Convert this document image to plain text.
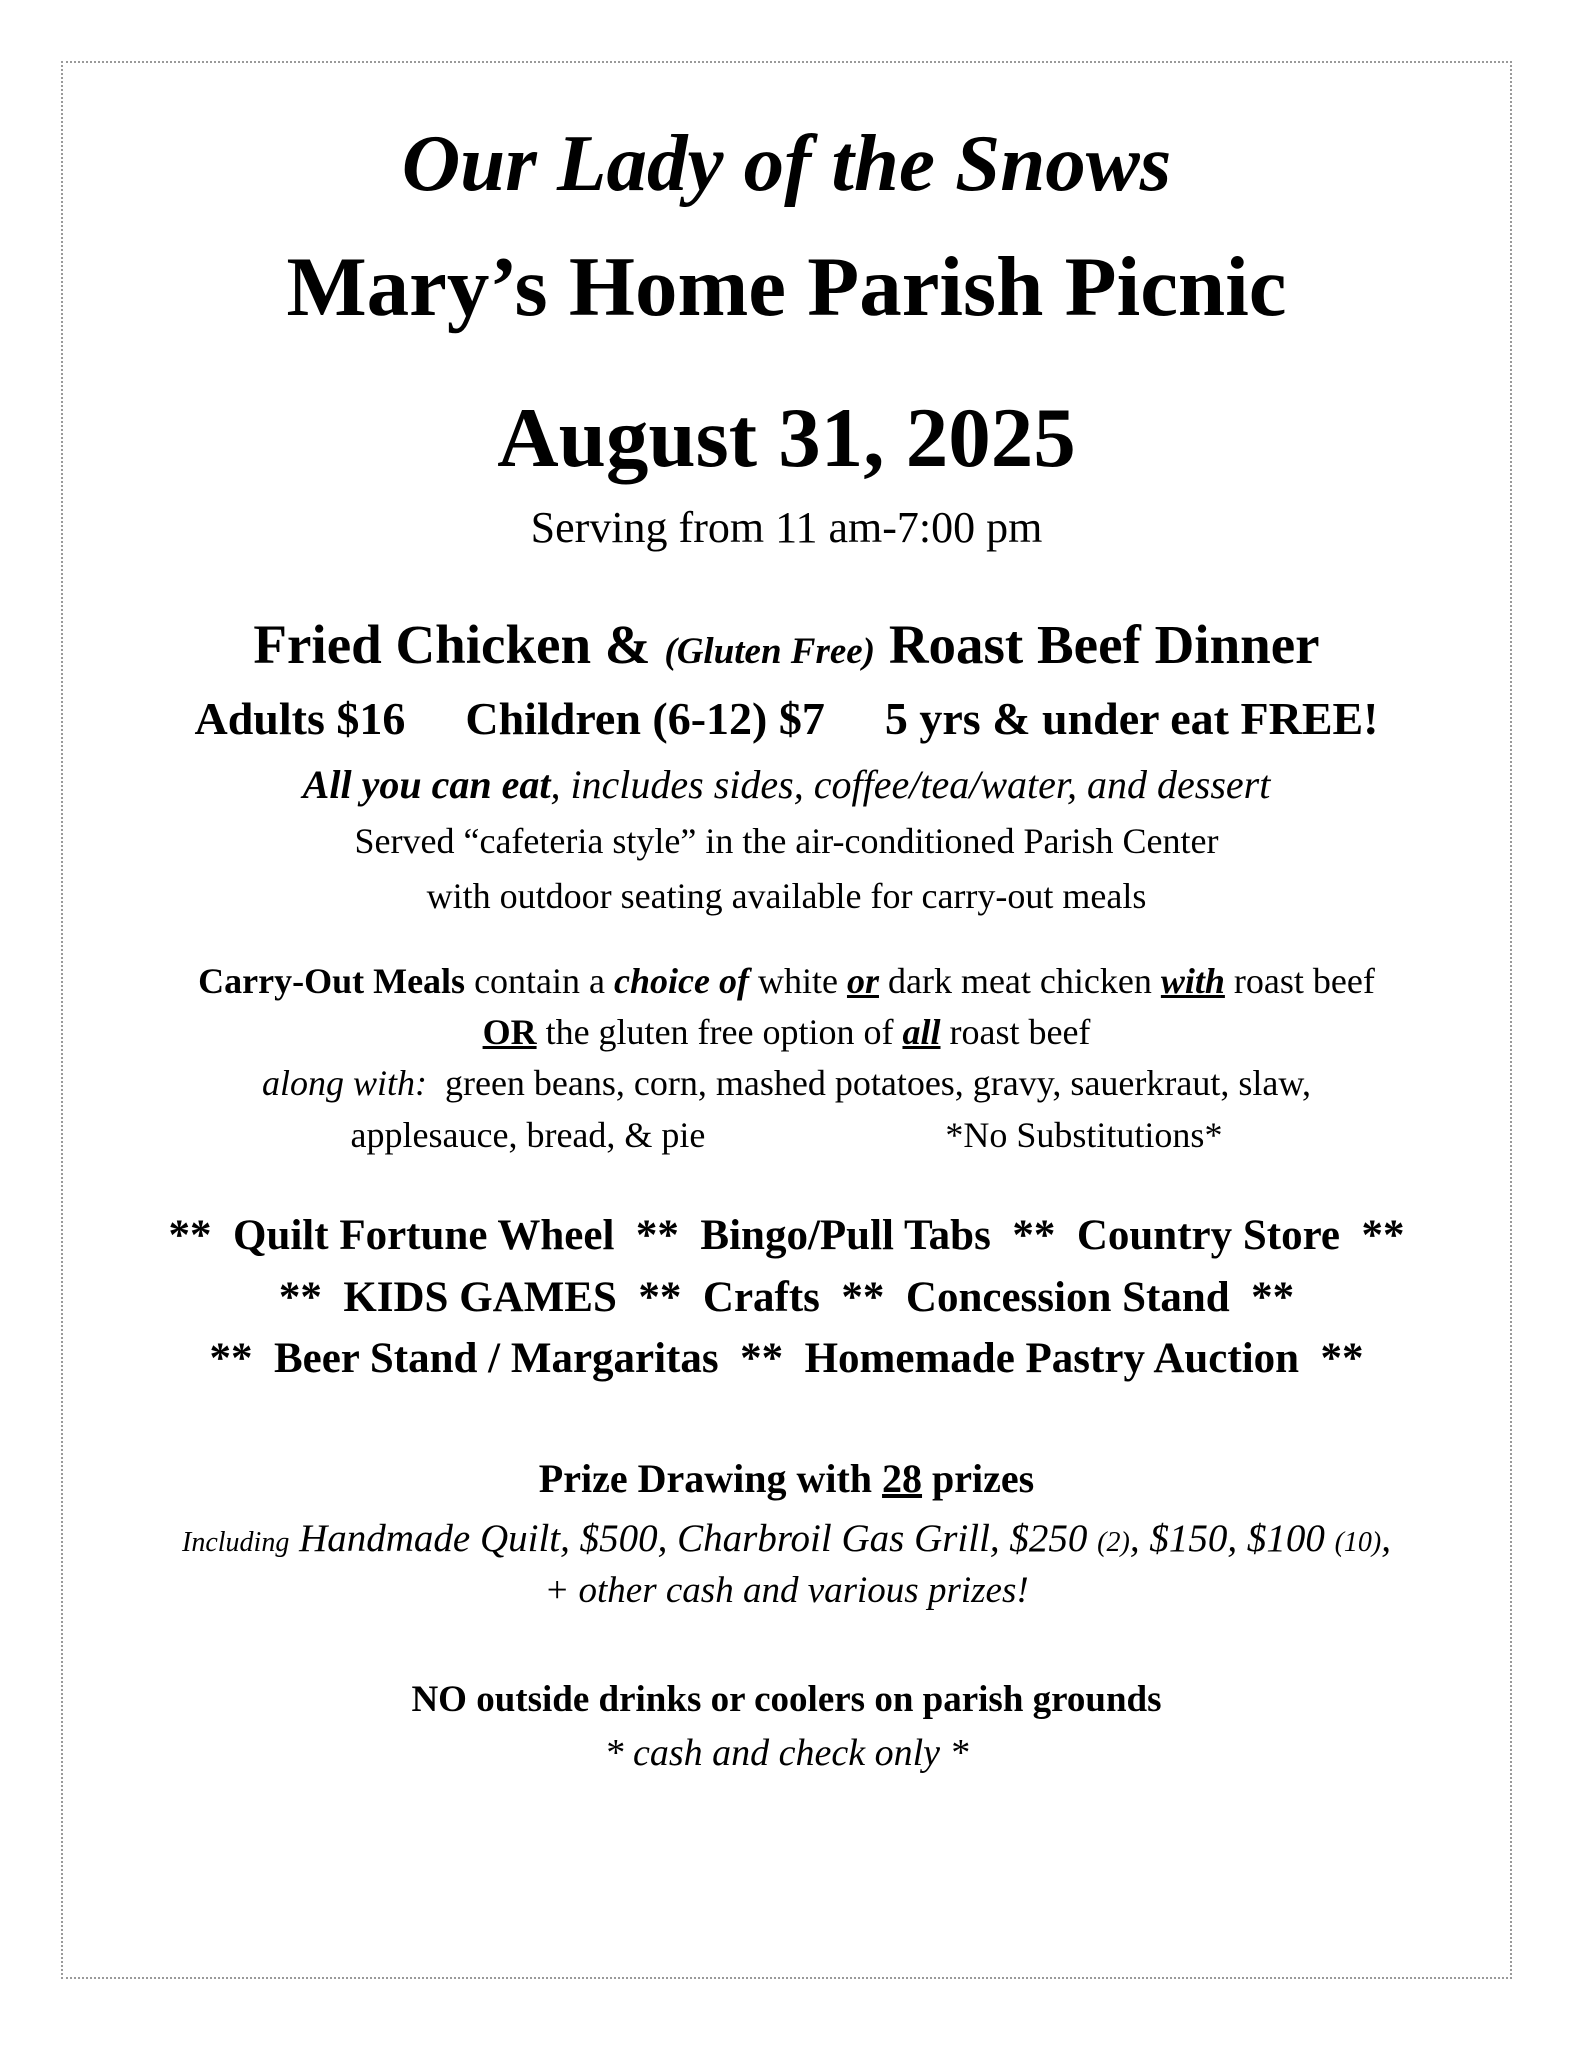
Our Lady of the Snows
Mary’s Home Parish Picnic
August 31, 2025
Serving from 11 am-7:00 pm
Fried Chicken & (Gluten Free) Roast Beef Dinner
Adults $16 Children (6-12) $7 5 yrs & under eat FREE!
All you can eat, includes sides, coffee/tea/water, and dessert
Served “cafeteria style” in the air-conditioned Parish Center
with outdoor seating available for carry-out meals
Carry-Out Meals contain a choice of white or dark meat chicken with roast beef
OR the gluten free option of all roast beef
along with:  green beans, corn, mashed potatoes, gravy, sauerkraut, slaw,
applesauce, bread, & pie	*No Substitutions*
**  Quilt Fortune Wheel  **  Bingo/Pull Tabs  **  Country Store  **
**  KIDS GAMES  **  Crafts  **  Concession Stand  **
**  Beer Stand / Margaritas  **  Homemade Pastry Auction  **
Prize Drawing with 28 prizes
Including Handmade Quilt, $500, Charbroil Gas Grill, $250 (2), $150, $100 (10),
+ other cash and various prizes!
NO outside drinks or coolers on parish grounds
* cash and check only *
